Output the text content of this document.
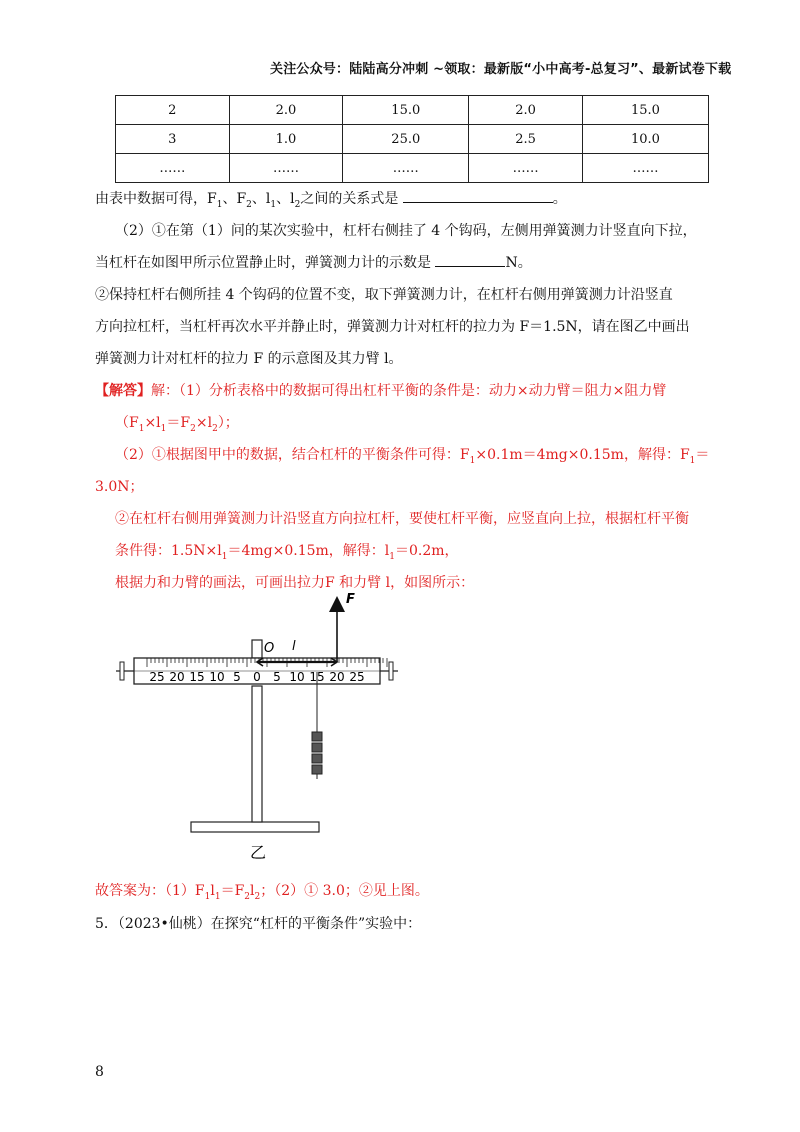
关注公众号：陆陆高分冲刺 ~领取：最新版“小中高考-总复习”、最新试卷下载
2	2.0	15.0	2.0	15.0
3	1.0	25.0	2.5	10.0
……	……	……	……	……
由表中数据可得，$F_1$、$F_2$、$l_1$、$l_2$之间的关系式是	。
（2）①在第（1）问的某次实验中，杠杆右侧挂了 4 个钩码，左侧用弹簧测力计竖直向下拉，
当杠杆在如图甲所示位置静止时，弹簧测力计的示数是	N。
②保持杠杆右侧所挂 4 个钩码的位置不变，取下弹簧测力计，在杠杆右侧用弹簧测力计沿竖直
方向拉杠杆，当杠杆再次水平并静止时，弹簧测力计对杠杆的拉力为 F＝1.5N，请在图乙中画出
弹簧测力计对杠杆的拉力 F 的示意图及其力臂 l。
【解答】解：（1）分析表格中的数据可得出杠杆平衡的条件是：动力×动力臂＝阻力×阻力臂
$(F_1\times l_1=F_2\times l_2)$；
（2）①根据图甲中的数据，结合杠杆的平衡条件可得：$F_1\times 0.1m=4mg\times 0.15m$，解得：$F_1=$
3.0N；
②在杠杆右侧用弹簧测力计沿竖直方向拉杠杆，要使杠杆平衡，应竖直向上拉，根据杠杆平衡
条件得：$1.5N\times l_1=4mg\times 0.15m$，解得：$l_1=0.2m$，
根据力和力臂的画法，可画出拉力F 和力臂 l，如图所示：
25 20 15 10 5 0 5 10 15 20 25
O
F
l
乙
故答案为：$(1)F_1l_1=F_2l_2$；（2）① 3.0；②见上图。
5．（2023•仙桃）在探究“杠杆的平衡条件”实验中：
8
